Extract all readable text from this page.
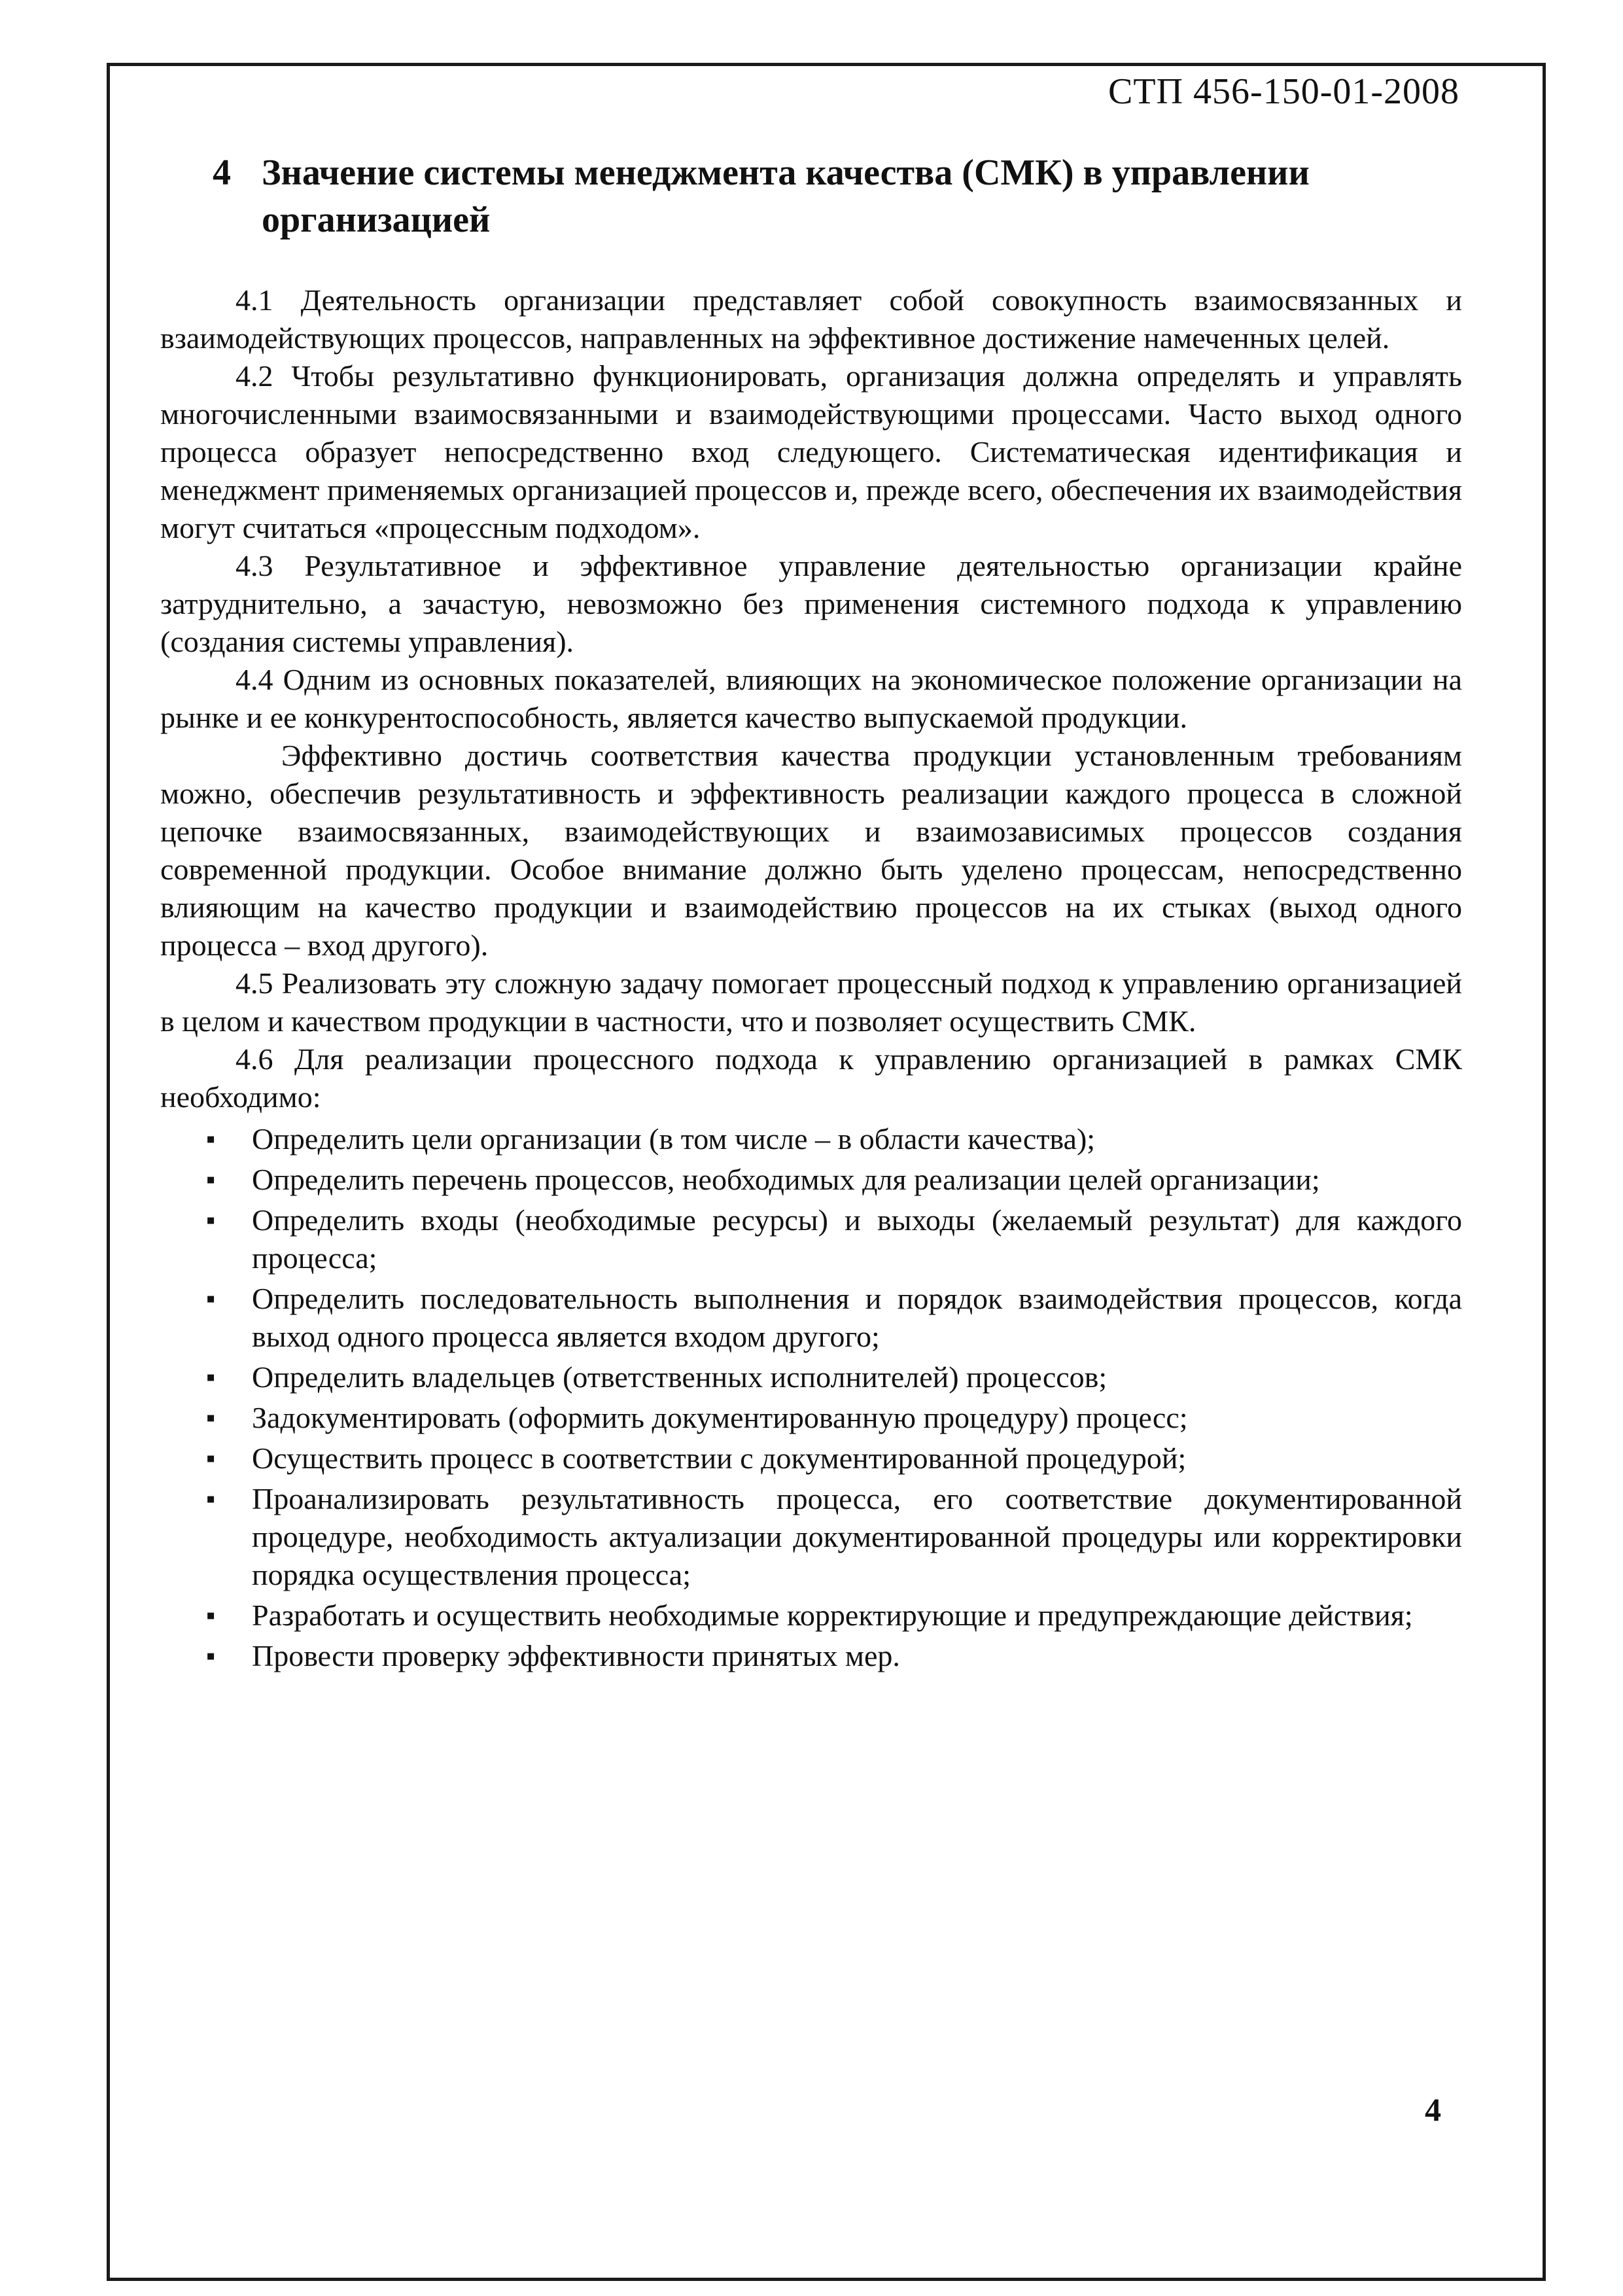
СТП 456-150-01-2008
4 Значение системы менеджмента качества (СМК) в управлении организацией

4.1 Деятельность организации представляет собой совокупность взаимосвязанных и взаимодействующих процессов, направленных на эффективное достижение намеченных целей.

4.2 Чтобы результативно функционировать, организация должна определять и управлять многочисленными взаимосвязанными и взаимодействующими процессами. Часто выход одного процесса образует непосредственно вход следующего. Систематическая идентификация и менеджмент применяемых организацией процессов и, прежде всего, обеспечения их взаимодействия могут считаться «процессным подходом».

4.3 Результативное и эффективное управление деятельностью организации крайне затруднительно, а зачастую, невозможно без применения системного подхода к управлению (создания системы управления).

4.4 Одним из основных показателей, влияющих на экономическое положение организации на рынке и ее конкурентоспособность, является качество выпускаемой продукции.

Эффективно достичь соответствия качества продукции установленным требованиям можно, обеспечив результативность и эффективность реализации каждого процесса в сложной цепочке взаимосвязанных, взаимодействующих и взаимозависимых процессов создания современной продукции. Особое внимание должно быть уделено процессам, непосредственно влияющим на качество продукции и взаимодействию процессов на их стыках (выход одного процесса – вход другого).

4.5 Реализовать эту сложную задачу помогает процессный подход к управлению организацией в целом и качеством продукции в частности, что и позволяет осуществить СМК.

4.6 Для реализации процессного подхода к управлению организацией в рамках СМК необходимо:

▪ Определить цели организации (в том числе – в области качества);
▪ Определить перечень процессов, необходимых для реализации целей организации;
▪ Определить входы (необходимые ресурсы) и выходы (желаемый результат) для каждого процесса;
▪ Определить последовательность выполнения и порядок взаимодействия процессов, когда выход одного процесса является входом другого;
▪ Определить владельцев (ответственных исполнителей) процессов;
▪ Задокументировать (оформить документированную процедуру) процесс;
▪ Осуществить процесс в соответствии с документированной процедурой;
▪ Проанализировать результативность процесса, его соответствие документированной процедуре, необходимость актуализации документированной процедуры или корректировки порядка осуществления процесса;
▪ Разработать и осуществить необходимые корректирующие и предупреждающие действия;
▪ Провести проверку эффективности принятых мер.
4
